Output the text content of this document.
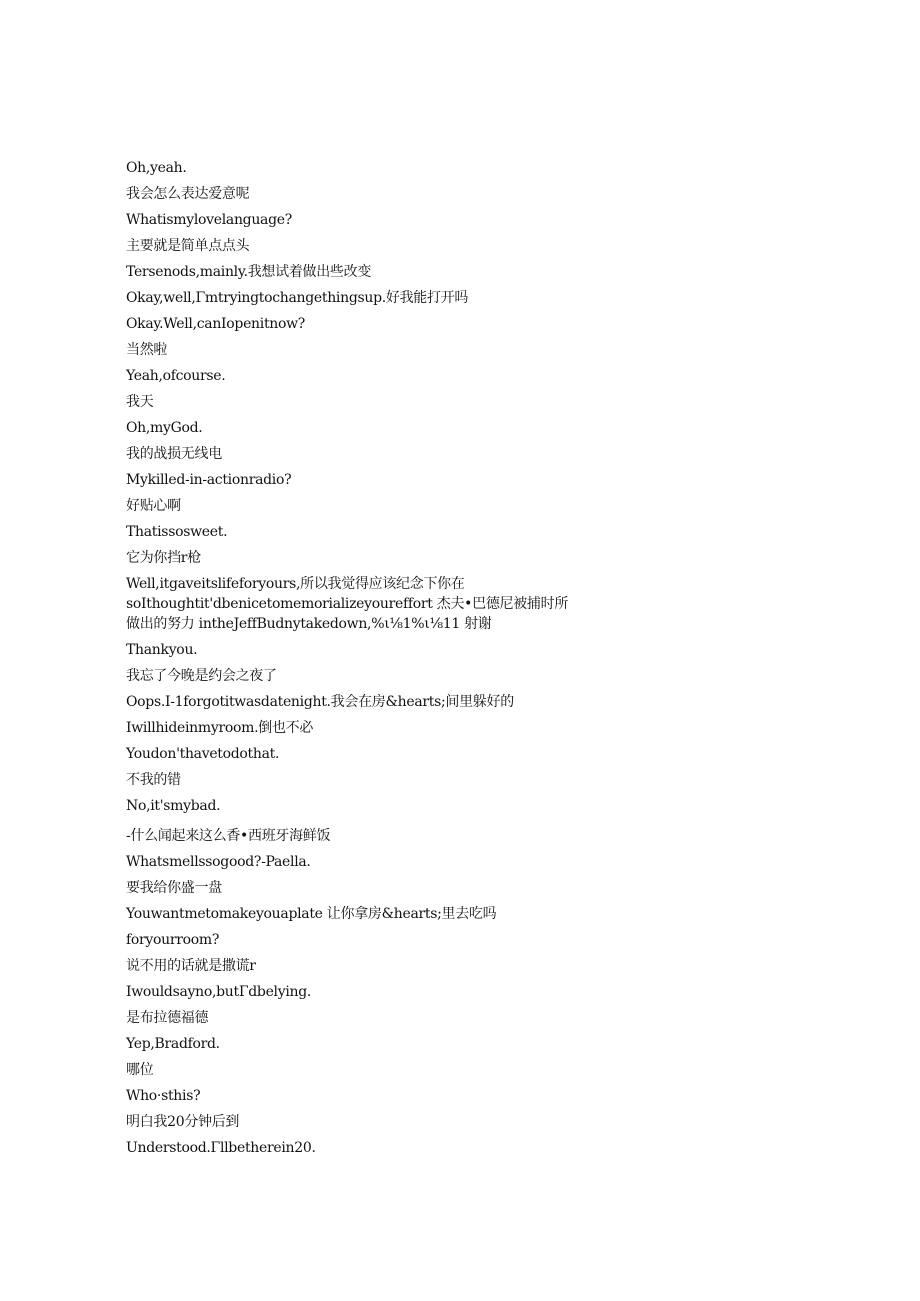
Oh,yeah.
我会怎么表达爱意呢
Whatismylovelanguage?
主要就是简单点点头
Tersenods,mainly.我想试着做出些改变
Okay,well,Γmtryingtochangethingsup.好我能打开吗
Okay.Well,canIopenitnow?
当然啦
Yeah,ofcourse.
我天
Oh,myGod.
我的战损无线电
Mykilled-in-actionradio?
好贴心啊
Thatissosweet.
它为你挡r枪
Well,itgaveitslifeforyours,所以我觉得应该纪念下你在
soIthoughtit'dbenicetomemorializeyoureffort 杰夫•巴德尼被捕时所
做出的努力 intheJeffBudnytakedown,%ι⅛1%ι⅛11 射谢
Thankyou.
我忘了今晚是约会之夜了
Oops.I-1forgotitwasdatenight.我会在房&hearts;间里躲好的
Iwillhideinmyroom.倒也不必
Youdon'thavetodothat.
不我的错
No,it'smybad.
-什么闻起来这么香•西班牙海鲜饭
Whatsmellssogood?-Paella.
要我给你盛一盘
Youwantmetomakeyouaplate 让你拿房&hearts;里去吃吗
foryourroom?
说不用的话就是撒谎r
Iwouldsayno,butΓdbelying.
是布拉德福德
Yep,Bradford.
哪位
Who·sthis?
明白我20分钟后到
Understood.Γllbetherein20.
